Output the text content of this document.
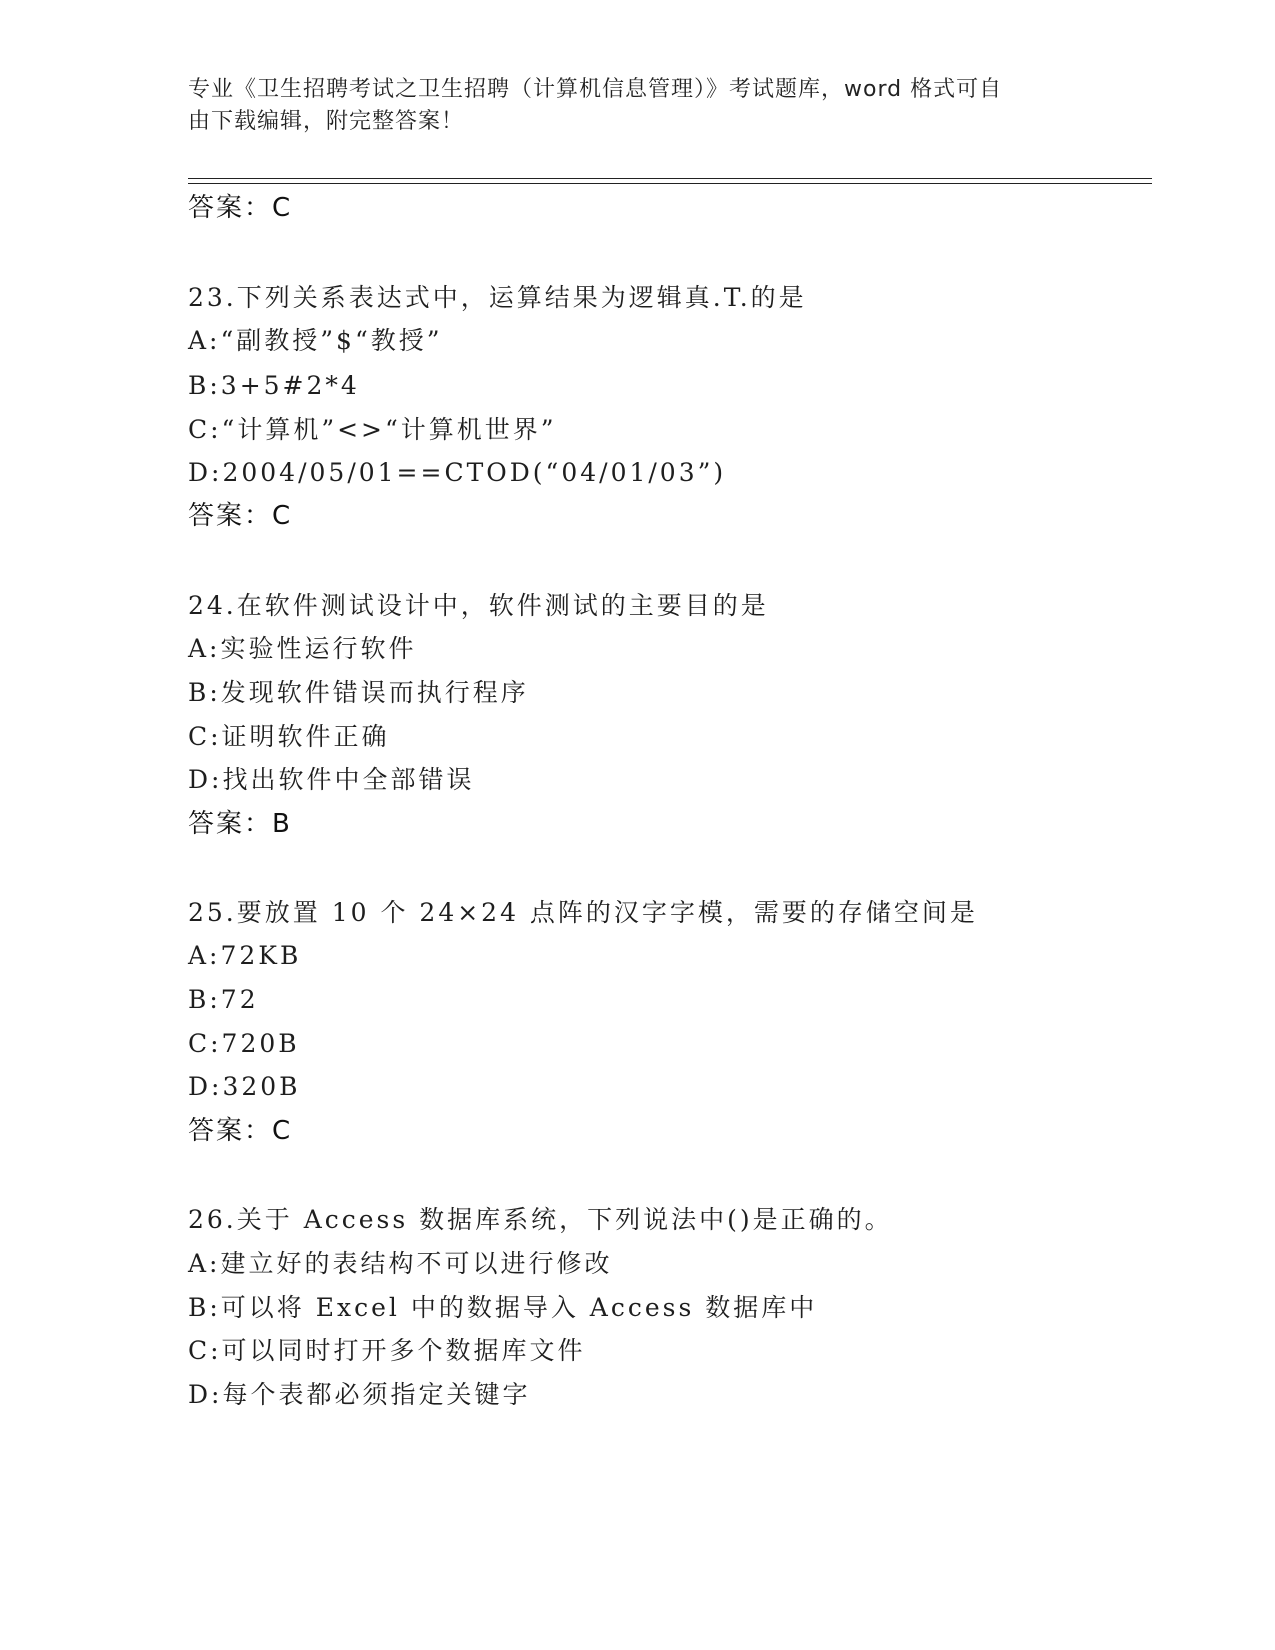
专业《卫生招聘考试之卫生招聘（计算机信息管理）》考试题库，word 格式可自
由下载编辑，附完整答案！
答案：C
23.下列关系表达式中，运算结果为逻辑真.T.的是
A:“副教授”$“教授”
B:3+5#2*4
C:“计算机”<>“计算机世界”
D:2004/05/01==CTOD(“04/01/03”)
答案：C
24.在软件测试设计中，软件测试的主要目的是
A:实验性运行软件
B:发现软件错误而执行程序
C:证明软件正确
D:找出软件中全部错误
答案：B
25.要放置 10 个 24×24 点阵的汉字字模，需要的存储空间是
A:72KB
B:72
C:720B
D:320B
答案：C
26.关于 Access 数据库系统，下列说法中()是正确的。
A:建立好的表结构不可以进行修改
B:可以将 Excel 中的数据导入 Access 数据库中
C:可以同时打开多个数据库文件
D:每个表都必须指定关键字
